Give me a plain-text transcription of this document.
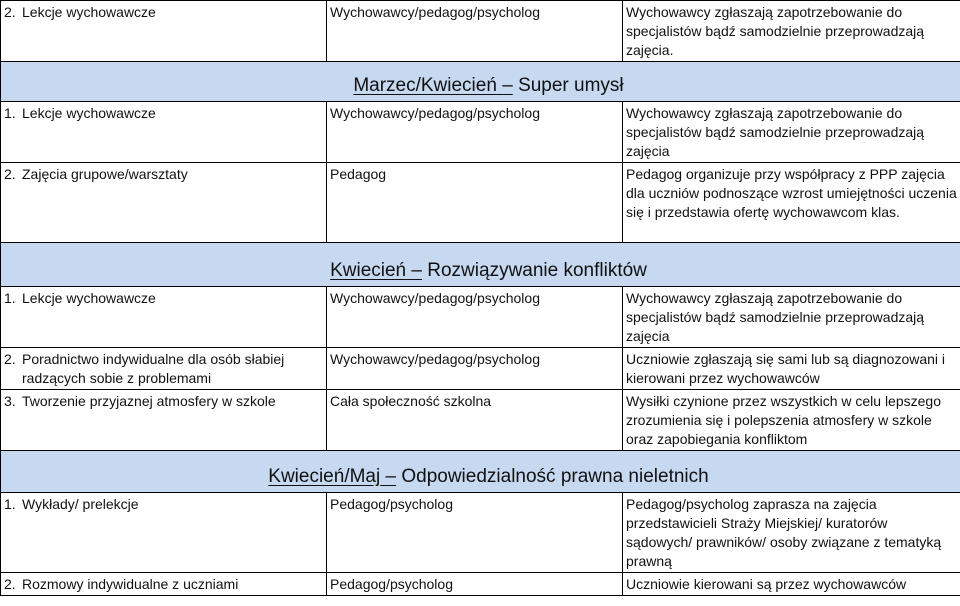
2. Lekcje wychowawcze	Wychowawcy/pedagog/psycholog	Wychowawcy zgłaszają zapotrzebowanie do specjalistów bądź samodzielnie przeprowadzają zajęcia.
Marzec/Kwiecień – Super umysł		
1. Lekcje wychowawcze	Wychowawcy/pedagog/psycholog	Wychowawcy zgłaszają zapotrzebowanie do specjalistów bądź samodzielnie przeprowadzają zajęcia
2. Zajęcia grupowe/warsztaty	Pedagog	Pedagog organizuje przy współpracy z PPP zajęcia dla uczniów podnoszące wzrost umiejętności uczenia się i przedstawia ofertę wychowawcom klas.
Kwiecień – Rozwiązywanie konfliktów		
1. Lekcje wychowawcze	Wychowawcy/pedagog/psycholog	Wychowawcy zgłaszają zapotrzebowanie do specjalistów bądź samodzielnie przeprowadzają zajęcia

2. Poradnictwo indywidualne dla osób słabiej radzących sobie z problemami	Wychowawcy/pedagog/psycholog	Uczniowie zgłaszają się sami lub są diagnozowani i kierowani przez wychowawców

3. Tworzenie przyjaznej atmosfery w szkole	Cała społeczność szkolna	Wysiłki czynione przez wszystkich w celu lepszego zrozumienia się i polepszenia atmosfery w szkole oraz zapobiegania konfliktom
Kwiecień/Maj – Odpowiedzialność prawna nieletnich		
1. Wykłady/ prelekcje	Pedagog/psycholog	Pedagog/psycholog zaprasza na zajęcia przedstawicieli Straży Miejskiej/ kuratorów sądowych/ prawników/ osoby związane z tematyką prawną
2. Rozmowy indywidualne z uczniami	Pedagog/psycholog	Uczniowie kierowani są przez wychowawców
